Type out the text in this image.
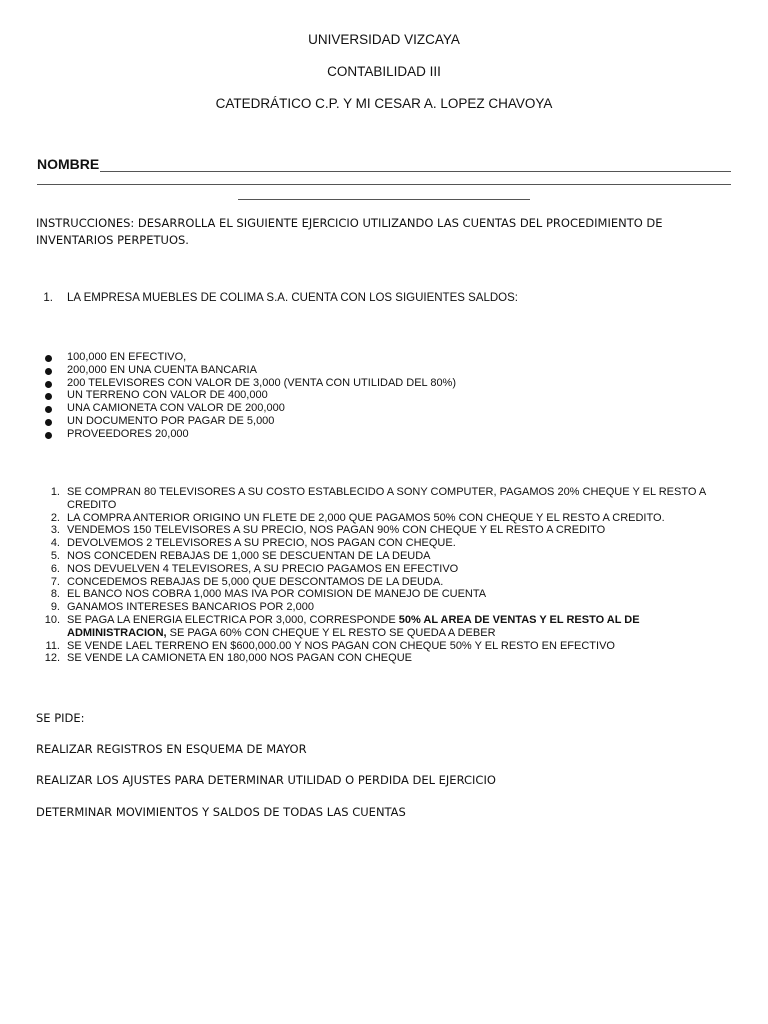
UNIVERSIDAD VIZCAYA
CONTABILIDAD III
CATEDRÁTICO C.P. Y MI CESAR A. LOPEZ CHAVOYA
NOMBRE
INSTRUCCIONES: DESARROLLA EL SIGUIENTE EJERCICIO UTILIZANDO LAS CUENTAS DEL PROCEDIMIENTO DE INVENTARIOS PERPETUOS.
1. LA EMPRESA MUEBLES DE COLIMA S.A. CUENTA CON LOS SIGUIENTES SALDOS:
100,000 EN EFECTIVO,
200,000 EN UNA CUENTA BANCARIA
200 TELEVISORES CON VALOR DE 3,000 (VENTA CON UTILIDAD DEL 80%)
UN TERRENO CON VALOR DE 400,000
UNA CAMIONETA CON VALOR DE 200,000
UN DOCUMENTO POR PAGAR DE 5,000
PROVEEDORES 20,000
1. SE COMPRAN 80 TELEVISORES A SU COSTO ESTABLECIDO A SONY COMPUTER, PAGAMOS 20% CHEQUE Y EL RESTO A CREDITO
2. LA COMPRA ANTERIOR ORIGINO UN FLETE DE 2,000 QUE PAGAMOS 50% CON CHEQUE Y EL RESTO A CREDITO.
3. VENDEMOS 150 TELEVISORES A SU PRECIO, NOS PAGAN 90% CON CHEQUE Y EL RESTO A CREDITO
4. DEVOLVEMOS 2 TELEVISORES A SU PRECIO, NOS PAGAN CON CHEQUE.
5. NOS CONCEDEN REBAJAS DE 1,000 SE DESCUENTAN DE LA DEUDA
6. NOS DEVUELVEN 4 TELEVISORES, A SU PRECIO PAGAMOS EN EFECTIVO
7. CONCEDEMOS REBAJAS DE 5,000 QUE DESCONTAMOS DE LA DEUDA.
8. EL BANCO NOS COBRA 1,000 MAS IVA POR COMISION DE MANEJO DE CUENTA
9. GANAMOS INTERESES BANCARIOS POR 2,000
10. SE PAGA LA ENERGIA ELECTRICA POR 3,000, CORRESPONDE 50% AL AREA DE VENTAS Y EL RESTO AL DE ADMINISTRACION, SE PAGA 60% CON CHEQUE Y EL RESTO SE QUEDA A DEBER
11. SE VENDE LAEL TERRENO EN $600,000.00 Y NOS PAGAN CON CHEQUE 50% Y EL RESTO EN EFECTIVO
12. SE VENDE LA CAMIONETA EN 180,000 NOS PAGAN CON CHEQUE
SE PIDE:
REALIZAR REGISTROS EN ESQUEMA DE MAYOR
REALIZAR LOS AJUSTES PARA DETERMINAR UTILIDAD O PERDIDA DEL EJERCICIO
DETERMINAR MOVIMIENTOS Y SALDOS DE TODAS LAS CUENTAS
